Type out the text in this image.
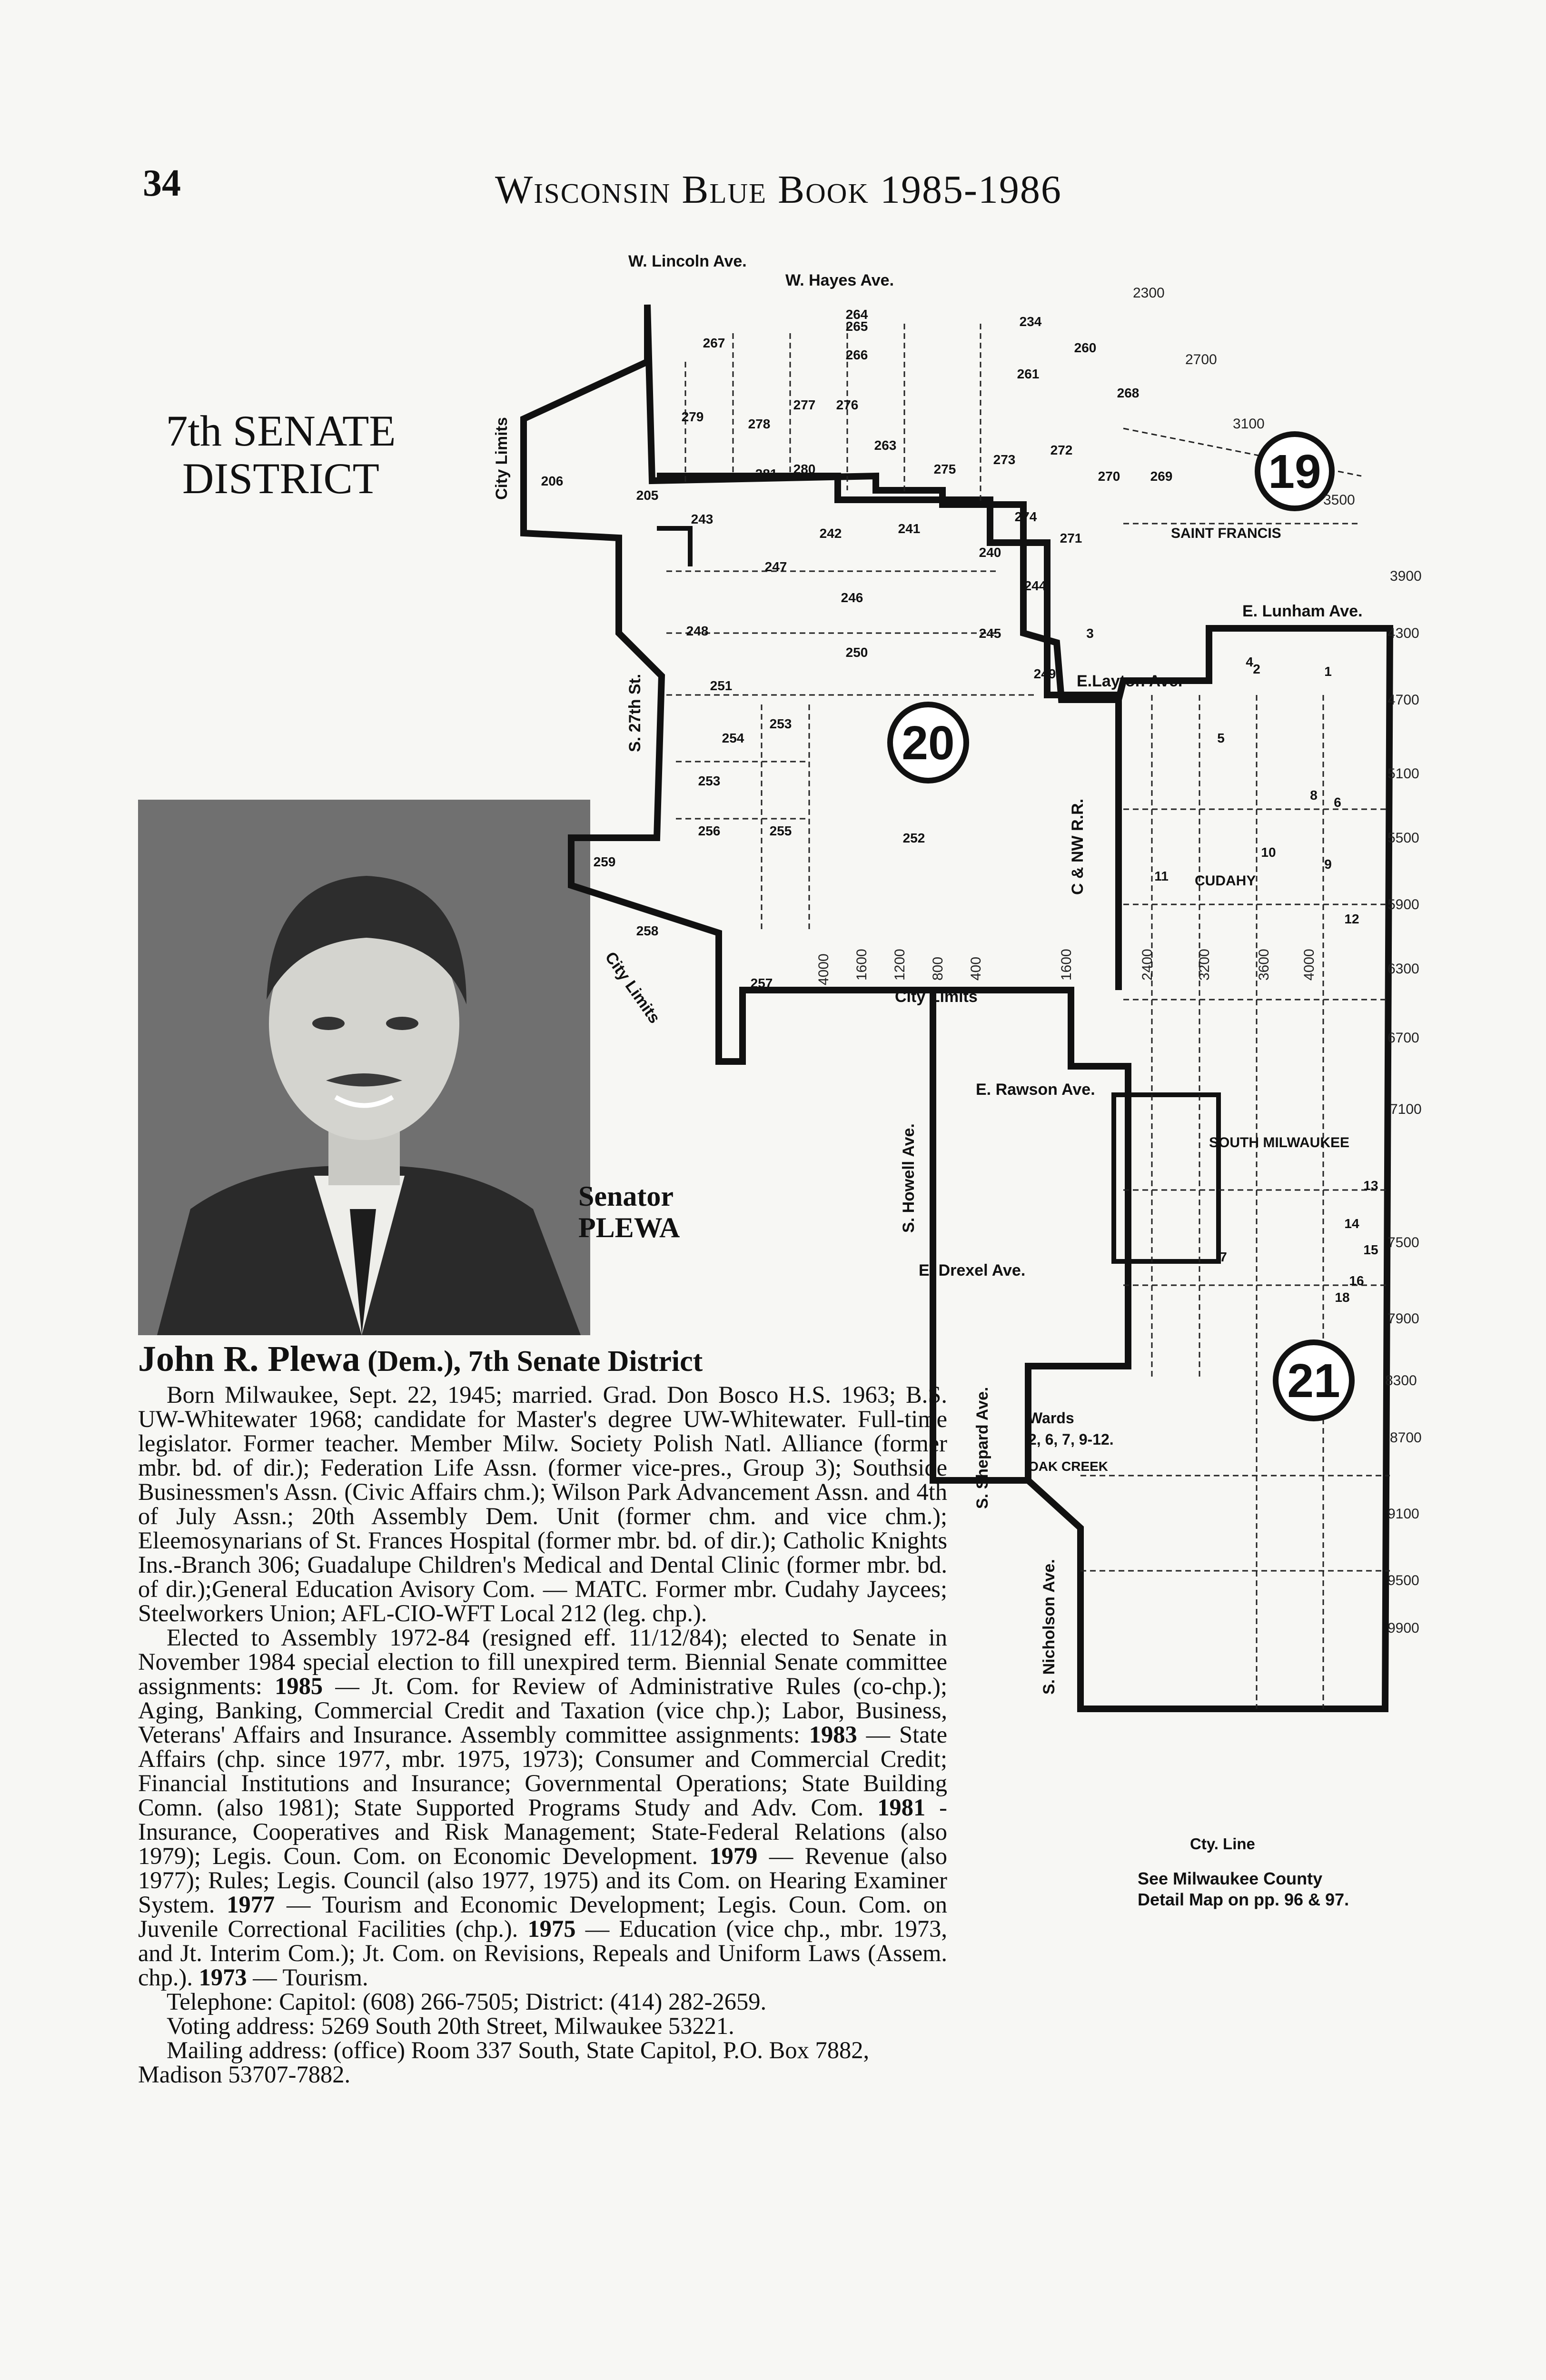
34	Wisconsin Blue Book 1985-1986
7th SENATE
DISTRICT
Senator
PLEWA
W. Lincoln Ave.
W. Hayes Ave.
City Limits
S. 27th St.
City Limits	City Limits
E. Rawson Ave.
S. Howell Ave.
E. Drexel Ave.
S. Shepard Ave.
S. Nicholson Ave.
E. Lunham Ave.
E.Layton Ave.
C & NW R.R.
SAINT FRANCIS
CUDAHY
SOUTH MILWAUKEE
OAK CREEK
Wards
2, 6, 7, 9-12.
19
20
21
267
264
265
266
234
260
261
268
279	278
277 276
263
275
273
272
206	281 280	270 269
205
243
242
274
271
241
240
247
244
246
248	245
250
249
251
254
253
253
256	255	252
259
258
257
3
4 2	1
5
8 6
10
9
11
12
13
14
15
16
18
7
2300
2700
3100
3500
3900
4300
4700
5100
5500
5900
6300
6700
7100
7500
7900
8300
8700
9100
9500
9900
2400	3200	3600
4000	4000
1600 1200 800 400	1600

John R. Plewa (Dem.), 7th Senate District

Born Milwaukee, Sept. 22, 1945; married. Grad. Don Bosco H.S. 1963; B.S. UW-Whitewater 1968; candidate for Master's degree UW-Whitewater. Full-time legislator. Former teacher. Member Milw. Society Polish Natl. Alliance (former mbr. bd. of dir.); Federation Life Assn. (former vice-pres., Group 3); Southside Businessmen's Assn. (Civic Affairs chm.); Wilson Park Advancement Assn. and 4th of July Assn.; 20th Assembly Dem. Unit (former chm. and vice chm.); Eleemosynarians of St. Frances Hospital (former mbr. bd. of dir.); Catholic Knights Ins.-Branch 306; Guadalupe Children's Medical and Dental Clinic (former mbr. bd. of dir.);General Education Avisory Com. — MATC. Former mbr. Cudahy Jaycees; Steelworkers Union; AFL-CIO-WFT Local 212 (leg. chp.).

Elected to Assembly 1972-84 (resigned eff. 11/12/84); elected to Senate in November 1984 special election to fill unexpired term. Biennial Senate committee assignments: 1985 — Jt. Com. for Review of Administrative Rules (co-chp.); Aging, Banking, Commercial Credit and Taxation (vice chp.); Labor, Business, Veterans' Affairs and Insurance. Assembly committee assignments: 1983 — State Affairs (chp. since 1977, mbr. 1975, 1973); Consumer and Commercial Credit; Financial Institutions and Insurance; Governmental Operations; State Building Comn. (also 1981); State Supported Programs Study and Adv. Com. 1981 - Insurance, Cooperatives and Risk Management; State-Federal Relations (also 1979); Legis. Coun. Com. on Economic Development. 1979 — Revenue (also 1977); Rules; Legis. Council (also 1977, 1975) and its Com. on Hearing Examiner System. 1977 — Tourism and Economic Development; Legis. Coun. Com. on Juvenile Correctional Facilities (chp.). 1975 — Education (vice chp., mbr. 1973, and Jt. Interim Com.); Jt. Com. on Revisions, Repeals and Uniform Laws (Assem. chp.). 1973 — Tourism.

Telephone: Capitol: (608) 266-7505; District: (414) 282-2659.

Voting address: 5269 South 20th Street, Milwaukee 53221.

Mailing address: (office) Room 337 South, State Capitol, P.O. Box 7882, Madison 53707-7882.

Cty. Line
See Milwaukee County
Detail Map on pp. 96 & 97.
